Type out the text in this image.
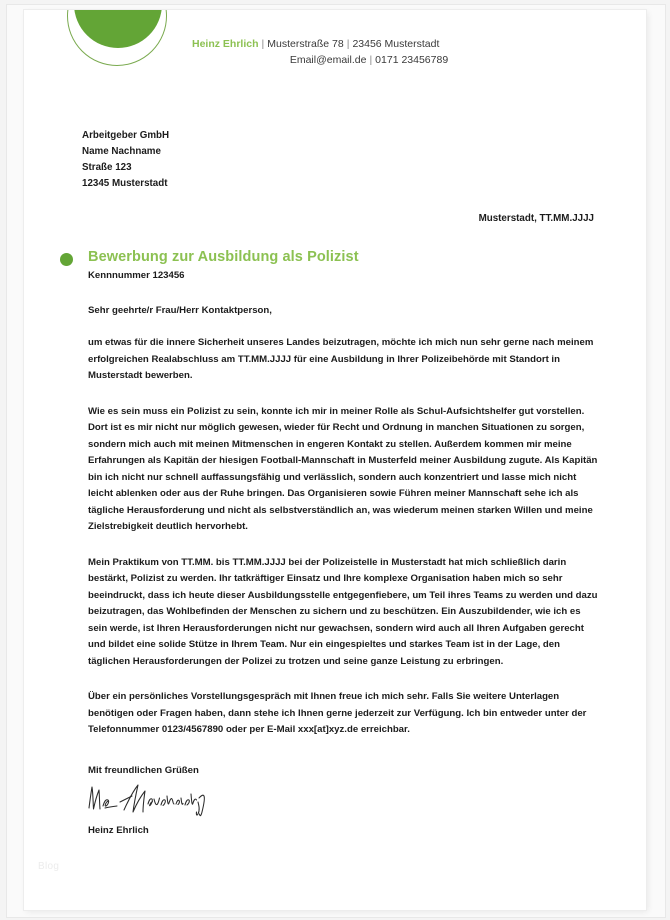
Heinz Ehrlich | Musterstraße 78 | 23456 Musterstadt
Email@email.de | 0171 23456789
Arbeitgeber GmbH
Name Nachname
Straße 123
12345 Musterstadt
Musterstadt, TT.MM.JJJJ
Bewerbung zur Ausbildung als Polizist
Kennnummer 123456
Sehr geehrte/r Frau/Herr Kontaktperson,
um etwas für die innere Sicherheit unseres Landes beizutragen, möchte ich mich nun sehr gerne nach meinem erfolgreichen Realabschluss am TT.MM.JJJJ für eine Ausbildung in Ihrer Polizeibehörde mit Standort in Musterstadt bewerben.
Wie es sein muss ein Polizist zu sein, konnte ich mir in meiner Rolle als Schul-Aufsichtshelfer gut vorstellen. Dort ist es mir nicht nur möglich gewesen, wieder für Recht und Ordnung in manchen Situationen zu sorgen, sondern mich auch mit meinen Mitmenschen in engeren Kontakt zu stellen. Außerdem kommen mir meine Erfahrungen als Kapitän der hiesigen Football-Mannschaft in Musterfeld meiner Ausbildung zugute. Als Kapitän bin ich nicht nur schnell auffassungsfähig und verlässlich, sondern auch konzentriert und lasse mich nicht leicht ablenken oder aus der Ruhe bringen. Das Organisieren sowie Führen meiner Mannschaft sehe ich als tägliche Herausforderung und nicht als selbstverständlich an, was wiederum meinen starken Willen und meine Zielstrebigkeit deutlich hervorhebt.
Mein Praktikum von TT.MM. bis TT.MM.JJJJ bei der Polizeistelle in Musterstadt hat mich schließlich darin bestärkt, Polizist zu werden. Ihr tatkräftiger Einsatz und Ihre komplexe Organisation haben mich so sehr beeindruckt, dass ich heute dieser Ausbildungsstelle entgegenfiebere, um Teil ihres Teams zu werden und dazu beizutragen, das Wohlbefinden der Menschen zu sichern und zu beschützen. Ein Auszubildender, wie ich es sein werde, ist Ihren Herausforderungen nicht nur gewachsen, sondern wird auch all Ihren Aufgaben gerecht und bildet eine solide Stütze in Ihrem Team. Nur ein eingespieltes und starkes Team ist in der Lage, den täglichen Herausforderungen der Polizei zu trotzen und seine ganze Leistung zu erbringen.
Über ein persönliches Vorstellungsgespräch mit Ihnen freue ich mich sehr. Falls Sie weitere Unterlagen benötigen oder Fragen haben, dann stehe ich Ihnen gerne jederzeit zur Verfügung. Ich bin entweder unter der Telefonnummer 0123/4567890 oder per E-Mail xxx[at]xyz.de erreichbar.
Mit freundlichen Grüßen
Heinz Ehrlich
Blog
